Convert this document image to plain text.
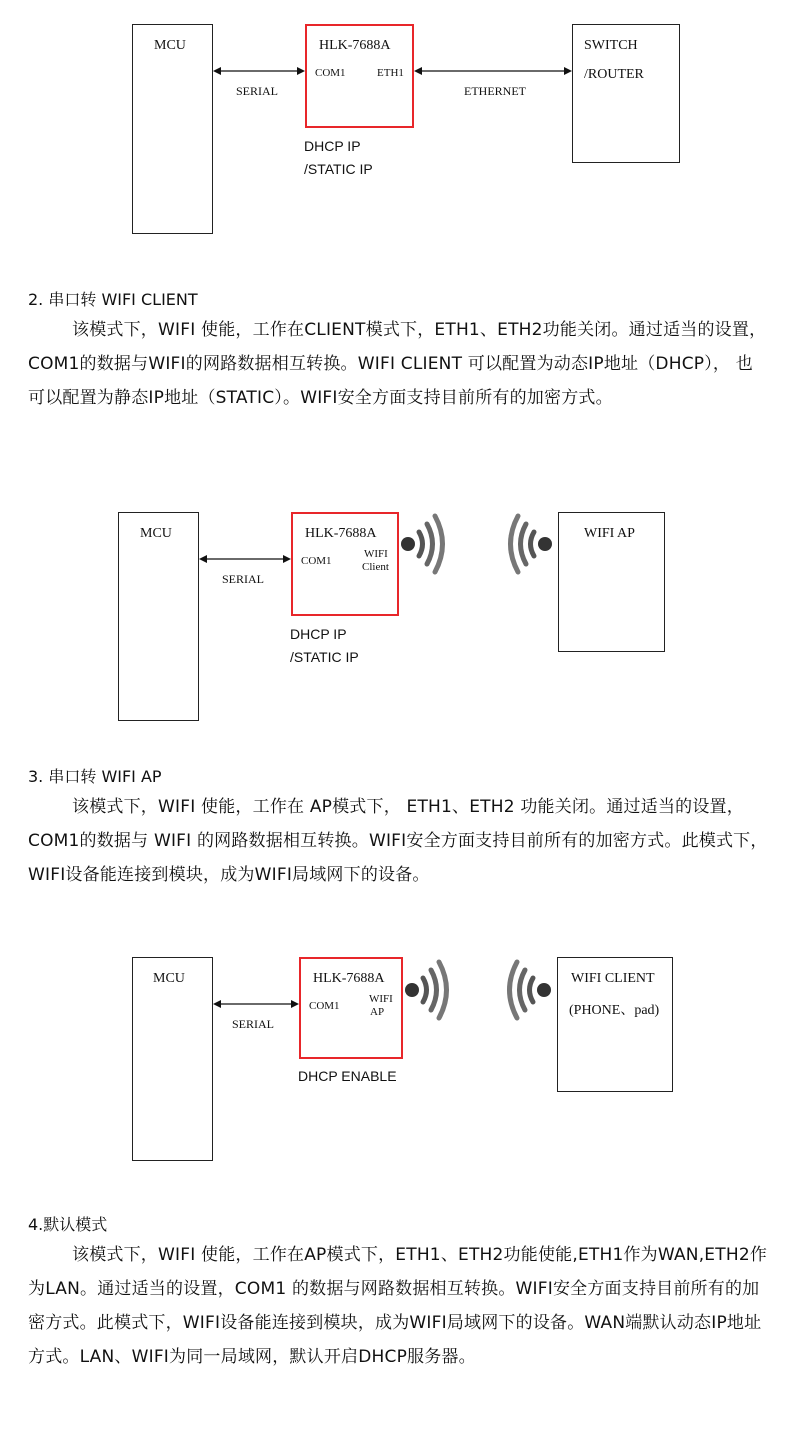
MCU	HLK-7688A
COM1	ETH1
SWITCH
/ROUTER
SERIAL	ETHERNET
DHCP IP
/STATIC IP
2. 串口转 WIFI CLIENT
该模式下，WIFI 使能，工作在CLIENT模式下，ETH1、ETH2功能关闭。通过适当的设置，COM1的数据与WIFI的网路数据相互转换。WIFI CLIENT 可以配置为动态IP地址（DHCP）， 也可以配置为静态IP地址（STATIC）。WIFI安全方面支持目前所有的加密方式。
MCU	HLK-7688A
COM1
WIFI
Client
SERIAL
WIFI AP
DHCP IP
/STATIC IP
3. 串口转 WIFI AP
该模式下，WIFI 使能，工作在 AP模式下， ETH1、ETH2 功能关闭。通过适当的设置，COM1的数据与 WIFI 的网路数据相互转换。WIFI安全方面支持目前所有的加密方式。此模式下，WIFI设备能连接到模块，成为WIFI局域网下的设备。
MCU	HLK-7688A
COM1
WIFI
AP
SERIAL
WIFI CLIENT
(PHONE、pad)
DHCP ENABLE
4.默认模式
该模式下，WIFI 使能，工作在AP模式下，ETH1、ETH2功能使能,ETH1作为WAN,ETH2作为LAN。通过适当的设置，COM1 的数据与网路数据相互转换。WIFI安全方面支持目前所有的加密方式。此模式下，WIFI设备能连接到模块，成为WIFI局域网下的设备。WAN端默认动态IP地址方式。LAN、WIFI为同一局域网，默认开启DHCP服务器。
